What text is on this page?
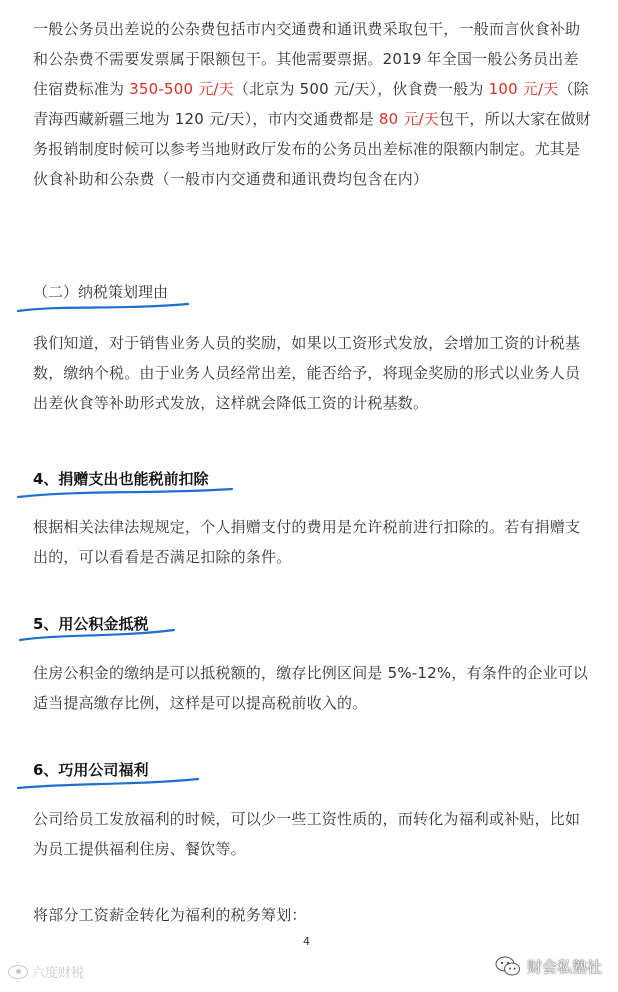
一般公务员出差说的公杂费包括市内交通费和通讯费采取包干，一般而言伙食补助和公杂费不需要发票属于限额包干。其他需要票据。2019 年全国一般公务员出差住宿费标准为 350-500 元/天（北京为 500 元/天），伙食费一般为 100 元/天（除青海西藏新疆三地为 120 元/天），市内交通费都是 80 元/天包干，所以大家在做财务报销制度时候可以参考当地财政厅发布的公务员出差标准的限额内制定。尤其是伙食补助和公杂费（一般市内交通费和通讯费均包含在内）
（二）纳税策划理由
我们知道，对于销售业务人员的奖励，如果以工资形式发放，会增加工资的计税基数，缴纳个税。由于业务人员经常出差，能否给予，将现金奖励的形式以业务人员出差伙食等补助形式发放，这样就会降低工资的计税基数。
4、捐赠支出也能税前扣除
根据相关法律法规规定，个人捐赠支付的费用是允许税前进行扣除的。若有捐赠支出的，可以看看是否满足扣除的条件。
5、用公积金抵税
住房公积金的缴纳是可以抵税额的，缴存比例区间是 5%-12%，有条件的企业可以适当提高缴存比例，这样是可以提高税前收入的。
6、巧用公司福利
公司给员工发放福利的时候，可以少一些工资性质的，而转化为福利或补贴，比如为员工提供福利住房、餐饮等。
将部分工资薪金转化为福利的税务筹划：
4
六度财税	财会私塾社
